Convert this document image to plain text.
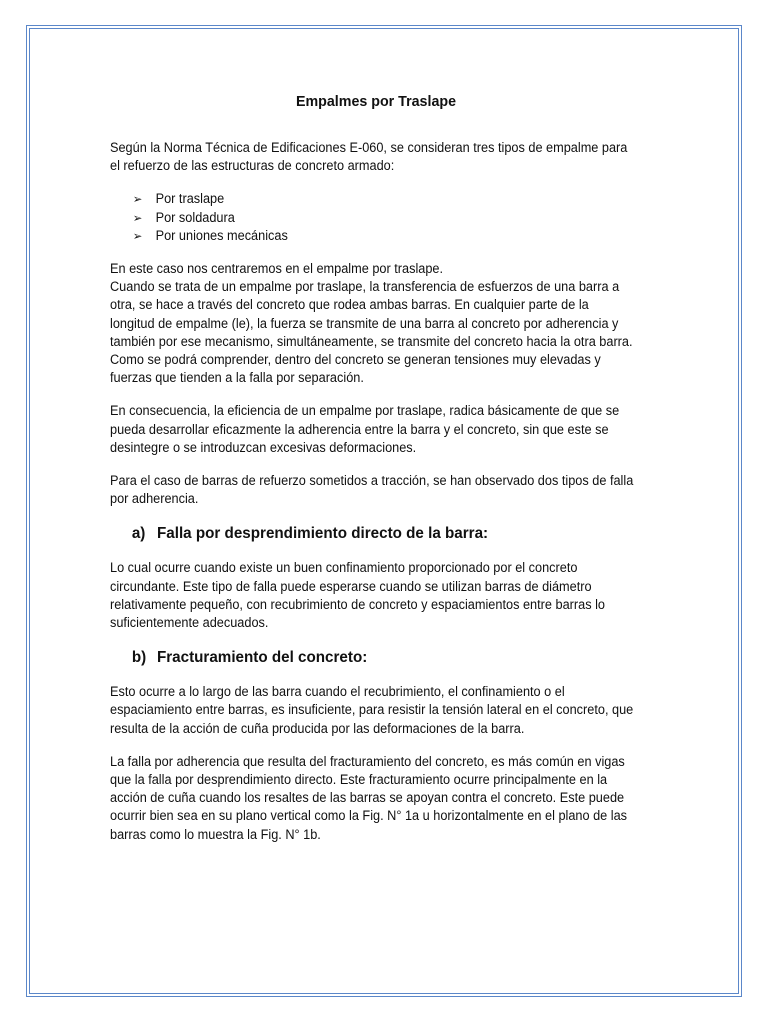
Empalmes por Traslape

Según la Norma Técnica de Edificaciones E-060, se consideran tres tipos de empalme para el refuerzo de las estructuras de concreto armado:

➢ Por traslape
➢ Por soldadura
➢ Por uniones mecánicas

En este caso nos centraremos en el empalme por traslape.
Cuando se trata de un empalme por traslape, la transferencia de esfuerzos de una barra a otra, se hace a través del concreto que rodea ambas barras. En cualquier parte de la longitud de empalme (le), la fuerza se transmite de una barra al concreto por adherencia y también por ese mecanismo, simultáneamente, se transmite del concreto hacia la otra barra. Como se podrá comprender, dentro del concreto se generan tensiones muy elevadas y fuerzas que tienden a la falla por separación.

En consecuencia, la eficiencia de un empalme por traslape, radica básicamente de que se pueda desarrollar eficazmente la adherencia entre la barra y el concreto, sin que este se desintegre o se introduzcan excesivas deformaciones.

Para el caso de barras de refuerzo sometidos a tracción, se han observado dos tipos de falla por adherencia.

a) Falla por desprendimiento directo de la barra:

Lo cual ocurre cuando existe un buen confinamiento proporcionado por el concreto circundante. Este tipo de falla puede esperarse cuando se utilizan barras de diámetro relativamente pequeño, con recubrimiento de concreto y espaciamientos entre barras lo suficientemente adecuados.

b) Fracturamiento del concreto:

Esto ocurre a lo largo de las barra cuando el recubrimiento, el confinamiento o el espaciamiento entre barras, es insuficiente, para resistir la tensión lateral en el concreto, que resulta de la acción de cuña producida por las deformaciones de la barra.

La falla por adherencia que resulta del fracturamiento del concreto, es más común en vigas que la falla por desprendimiento directo. Este fracturamiento ocurre principalmente en la acción de cuña cuando los resaltes de las barras se apoyan contra el concreto. Este puede ocurrir bien sea en su plano vertical como la Fig. N° 1a u horizontalmente en el plano de las barras como lo muestra la Fig. N° 1b.
